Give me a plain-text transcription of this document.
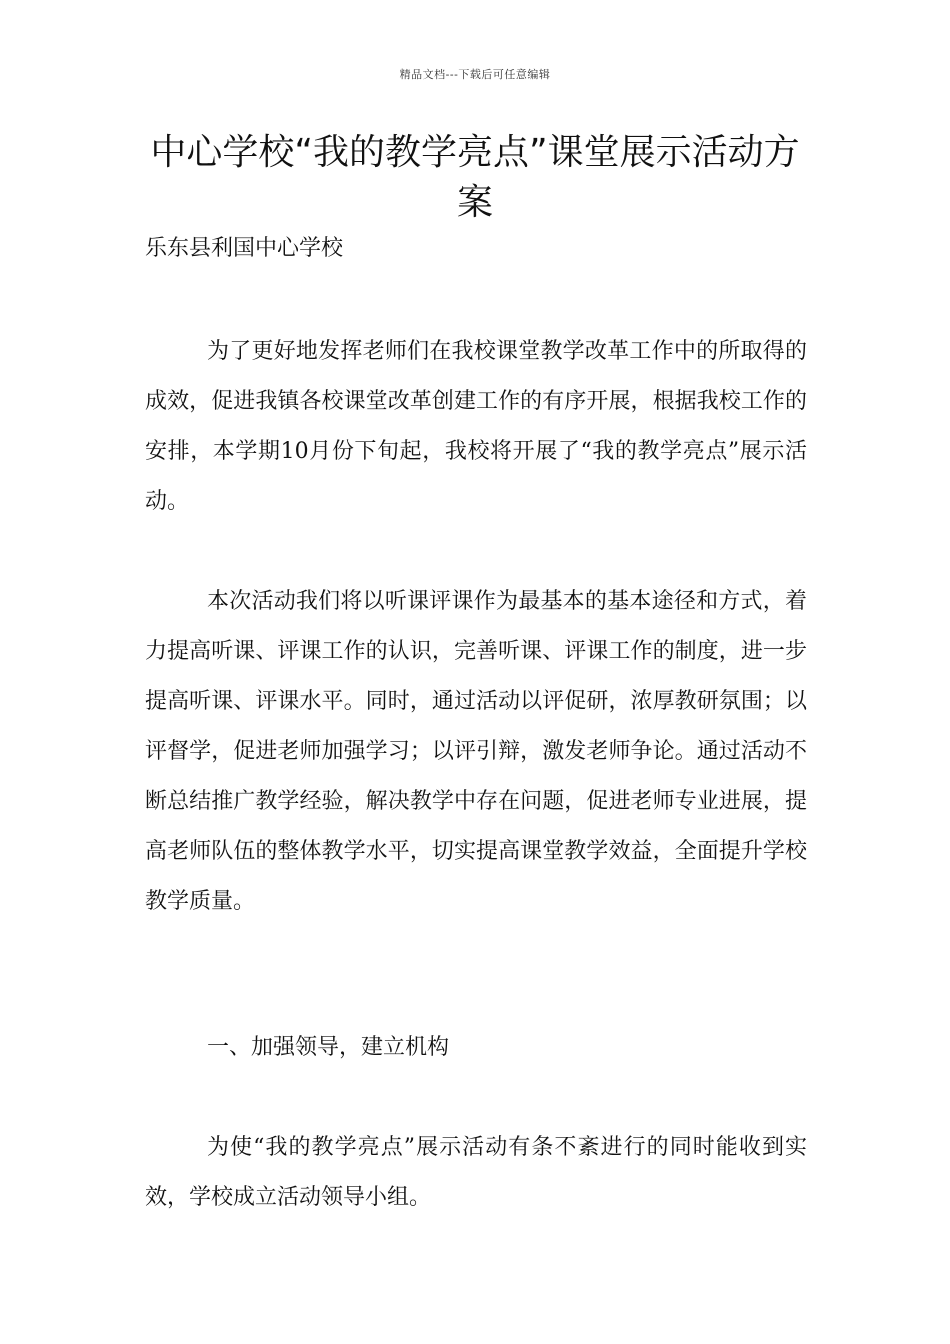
精品文档---下载后可任意编辑
中心学校“我的教学亮点”课堂展示活动方案
乐东县利国中心学校

为了更好地发挥老师们在我校课堂教学改革工作中的所取得的成效，促进我镇各校课堂改革创建工作的有序开展，根据我校工作的安排，本学期10月份下旬起，我校将开展了“我的教学亮点”展示活动。

本次活动我们将以听课评课作为最基本的基本途径和方式，着力提高听课、评课工作的认识，完善听课、评课工作的制度，进一步提高听课、评课水平。同时，通过活动以评促研，浓厚教研氛围；以评督学，促进老师加强学习；以评引辩，激发老师争论。通过活动不断总结推广教学经验，解决教学中存在问题，促进老师专业进展，提高老师队伍的整体教学水平，切实提高课堂教学效益，全面提升学校教学质量。

一、加强领导，建立机构

为使“我的教学亮点”展示活动有条不紊进行的同时能收到实效，学校成立活动领导小组。
